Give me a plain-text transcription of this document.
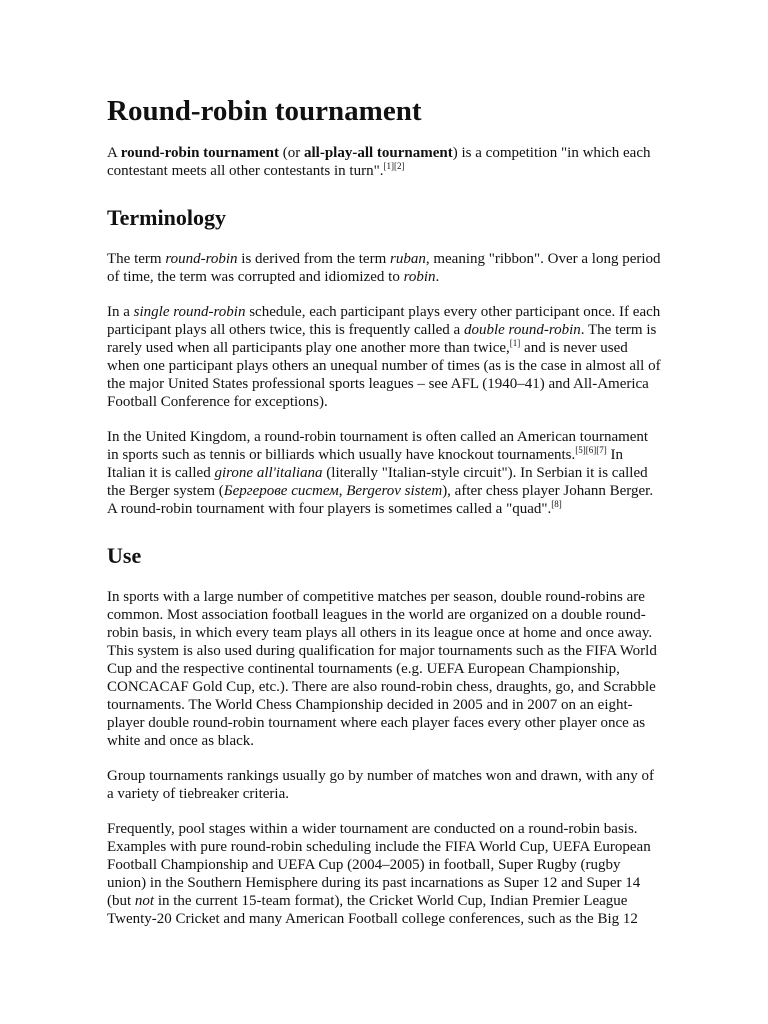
Round-robin tournament

A round-robin tournament (or all-play-all tournament) is a competition "in which each contestant meets all other contestants in turn".[1][2]

Terminology

The term round-robin is derived from the term ruban, meaning "ribbon". Over a long period of time, the term was corrupted and idiomized to robin.

In a single round-robin schedule, each participant plays every other participant once. If each participant plays all others twice, this is frequently called a double round-robin. The term is rarely used when all participants play one another more than twice,[1] and is never used when one participant plays others an unequal number of times (as is the case in almost all of the major United States professional sports leagues – see AFL (1940–41) and All-America Football Conference for exceptions).

In the United Kingdom, a round-robin tournament is often called an American tournament in sports such as tennis or billiards which usually have knockout tournaments.[5][6][7] In Italian it is called girone all'italiana (literally "Italian-style circuit"). In Serbian it is called the Berger system (Бергерове систем, Bergerov sistem), after chess player Johann Berger. A round-robin tournament with four players is sometimes called a "quad".[8]

Use

In sports with a large number of competitive matches per season, double round-robins are common. Most association football leagues in the world are organized on a double round-robin basis, in which every team plays all others in its league once at home and once away. This system is also used during qualification for major tournaments such as the FIFA World Cup and the respective continental tournaments (e.g. UEFA European Championship, CONCACAF Gold Cup, etc.). There are also round-robin chess, draughts, go, and Scrabble tournaments. The World Chess Championship decided in 2005 and in 2007 on an eight-player double round-robin tournament where each player faces every other player once as white and once as black.

Group tournaments rankings usually go by number of matches won and drawn, with any of a variety of tiebreaker criteria.

Frequently, pool stages within a wider tournament are conducted on a round-robin basis. Examples with pure round-robin scheduling include the FIFA World Cup, UEFA European Football Championship and UEFA Cup (2004–2005) in football, Super Rugby (rugby union) in the Southern Hemisphere during its past incarnations as Super 12 and Super 14 (but not in the current 15-team format), the Cricket World Cup, Indian Premier League Twenty-20 Cricket and many American Football college conferences, such as the Big 12
